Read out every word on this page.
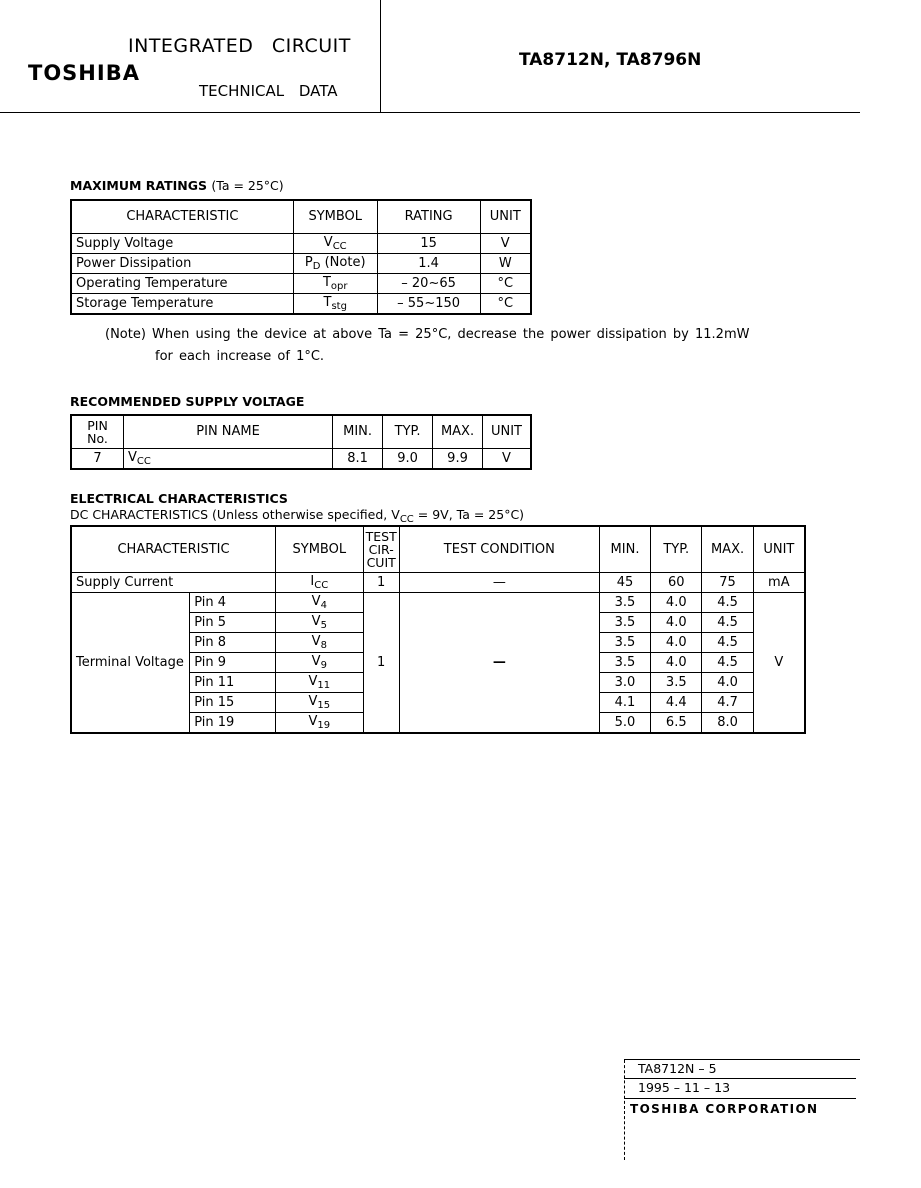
TOSHIBA
INTEGRATED CIRCUIT
TECHNICAL DATA
TA8712N, TA8796N
MAXIMUM RATINGS (Ta = 25°C)
CHARACTERISTIC	SYMBOL	RATING	UNIT
Supply Voltage	$V_{CC}$	15	V
Power Dissipation	$P_D$ (Note)	1.4	W
Operating Temperature	$T_{opr}$	– 20~65	°C
Storage Temperature	$T_{stg}$	– 55~150	°C
(Note) When using the device at above Ta = 25°C, decrease the power dissipation by 11.2mW
for each increase of 1°C.
RECOMMENDED SUPPLY VOLTAGE
PIN No.	PIN NAME	MIN.	TYP.	MAX.	UNIT
7	$V_{CC}$	8.1	9.0	9.9	V
ELECTRICAL CHARACTERISTICS
DC CHARACTERISTICS (Unless otherwise specified, $V_{CC} = 9V$, Ta = 25°C)
CHARACTERISTIC		SYMBOL	TEST CIR- CUIT	TEST CONDITION	MIN.	TYP.	MAX.	UNIT
Supply Current		$I_{CC}$	1	—	45	60	75	mA
Terminal Voltage	Pin 4	$V_4$	1	—	3.5	4.0	4.5	V
	Pin 5	$V_5$			3.5	4.0	4.5	
	Pin 8	$V_8$			3.5	4.0	4.5	
	Pin 9	$V_9$			3.5	4.0	4.5	
	Pin 11	$V_{11}$			3.0	3.5	4.0	
	Pin 15	$V_{15}$			4.1	4.4	4.7	
	Pin 19	$V_{19}$			5.0	6.5	8.0	
TA8712N – 5
1995 – 11 – 13
TOSHIBA CORPORATION
